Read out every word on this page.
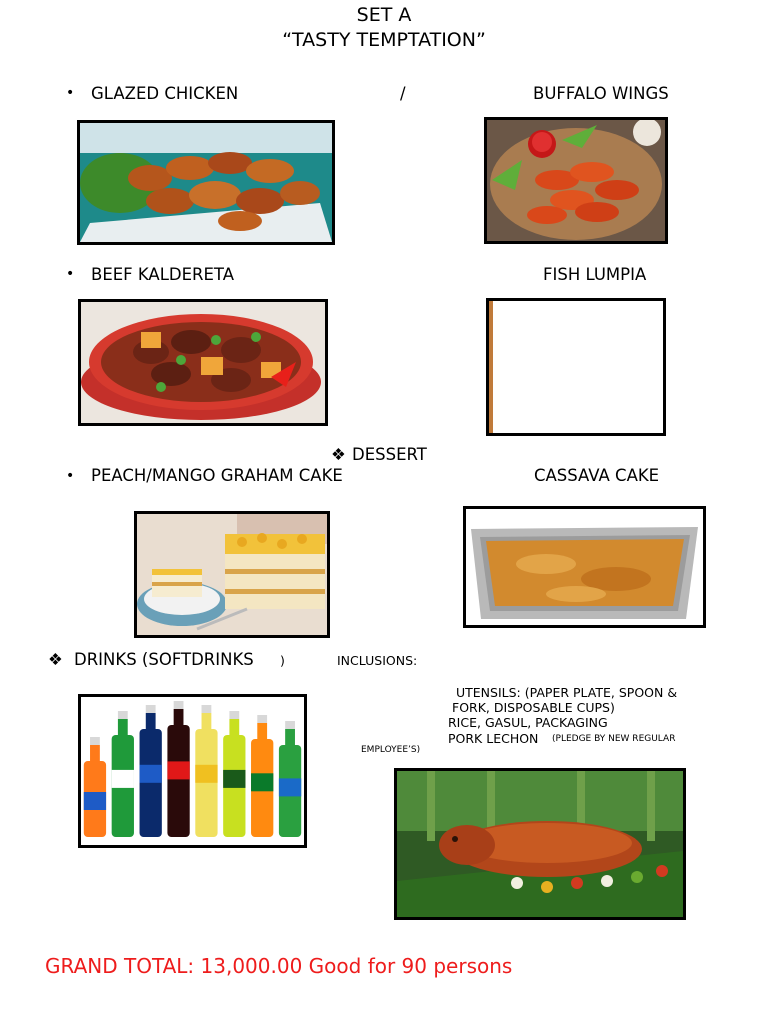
SET A
“TASTY TEMPTATION”
• GLAZED CHICKEN	/	BUFFALO WINGS
• BEEF KALDERETA	FISH LUMPIA
❖ DESSERT
• PEACH/MANGO GRAHAM CAKE	CASSAVA CAKE
❖ DRINKS (SOFTDRINKS )	INCLUSIONS:
UTENSILS: (PAPER PLATE, SPOON &
FORK, DISPOSABLE CUPS)
RICE, GASUL, PACKAGING
PORK LECHON (PLEDGE BY NEW REGULAR
EMPLOYEE’S)
GRAND TOTAL: 13,000.00 Good for 90 persons
